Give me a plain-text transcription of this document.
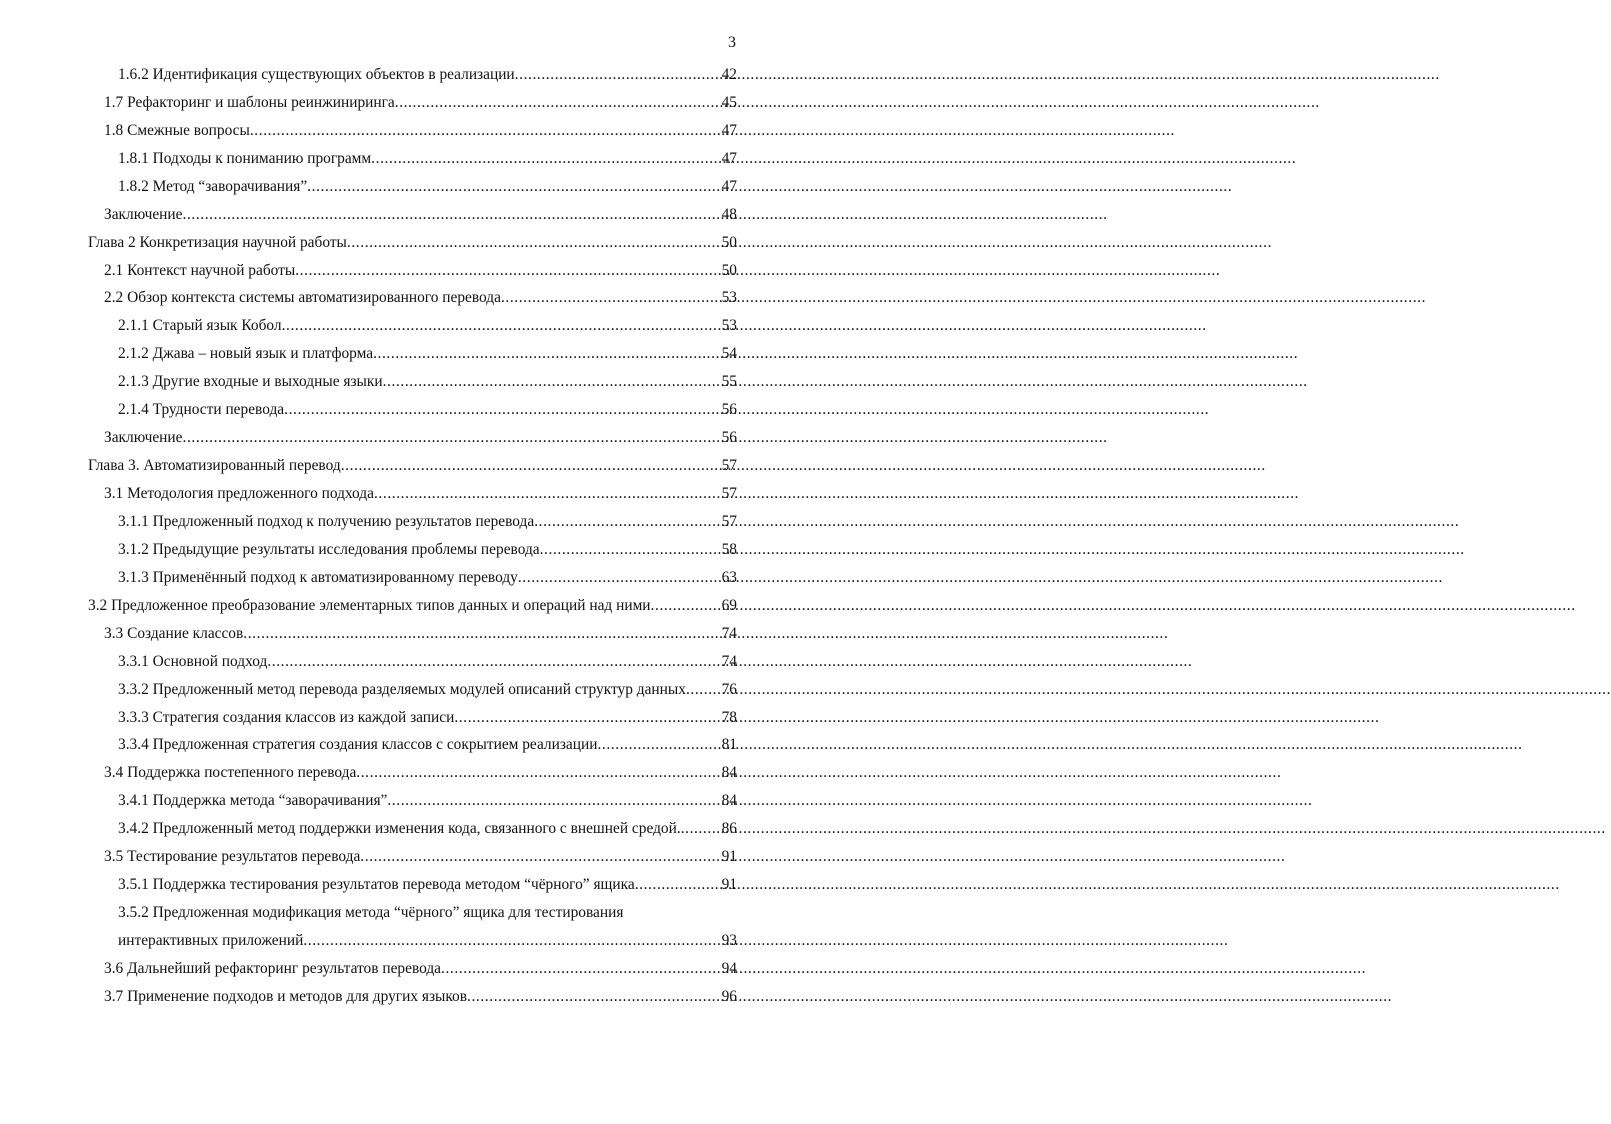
3
1.6.2 Идентификация существующих объектов в реализации .....	42
1.7 Рефакторинг и шаблоны реинжиниринга .....	45
1.8 Смежные вопросы .....	47
1.8.1 Подходы к пониманию программ .....	47
1.8.2 Метод “заворачивания” .....	47
Заключение .....	48
Глава 2 Конкретизация научной работы .....	50
2.1 Контекст научной работы .....	50
2.2 Обзор контекста системы автоматизированного перевода .....	53
2.1.1 Старый язык Кобол .....	53
2.1.2 Джава – новый язык и платформа .....	54
2.1.3 Другие входные и выходные языки .....	55
2.1.4 Трудности перевода .....	56
Заключение .....	56
Глава 3. Автоматизированный перевод .....	57
3.1 Методология предложенного подхода .....	57
3.1.1 Предложенный подход к получению результатов перевода .....	57
3.1.2 Предыдущие результаты исследования проблемы перевода .....	58
3.1.3 Применённый подход к автоматизированному переводу .....	63
3.2 Предложенное преобразование элементарных типов данных и операций над ними .....	69
3.3 Создание классов .....	74
3.3.1 Основной подход .....	74
3.3.2 Предложенный метод перевода разделяемых модулей описаний структур данных ..... 76
3.3.3 Стратегия создания классов из каждой записи .....	78
3.3.4 Предложенная стратегия создания классов с сокрытием реализации .....	81
3.4 Поддержка постепенного перевода .....	84
3.4.1 Поддержка метода “заворачивания” .....	84
3.4.2 Предложенный метод поддержки изменения кода, связанного с внешней средой. .....	86
3.5 Тестирование результатов перевода .....	91
3.5.1 Поддержка тестирования результатов перевода методом “чёрного” ящика .....	91
3.5.2 Предложенная модификация метода “чёрного” ящика для тестирования
интерактивных приложений .....	93
3.6 Дальнейший рефакторинг результатов перевода .....	94
3.7 Применение подходов и методов для других языков .....	96
